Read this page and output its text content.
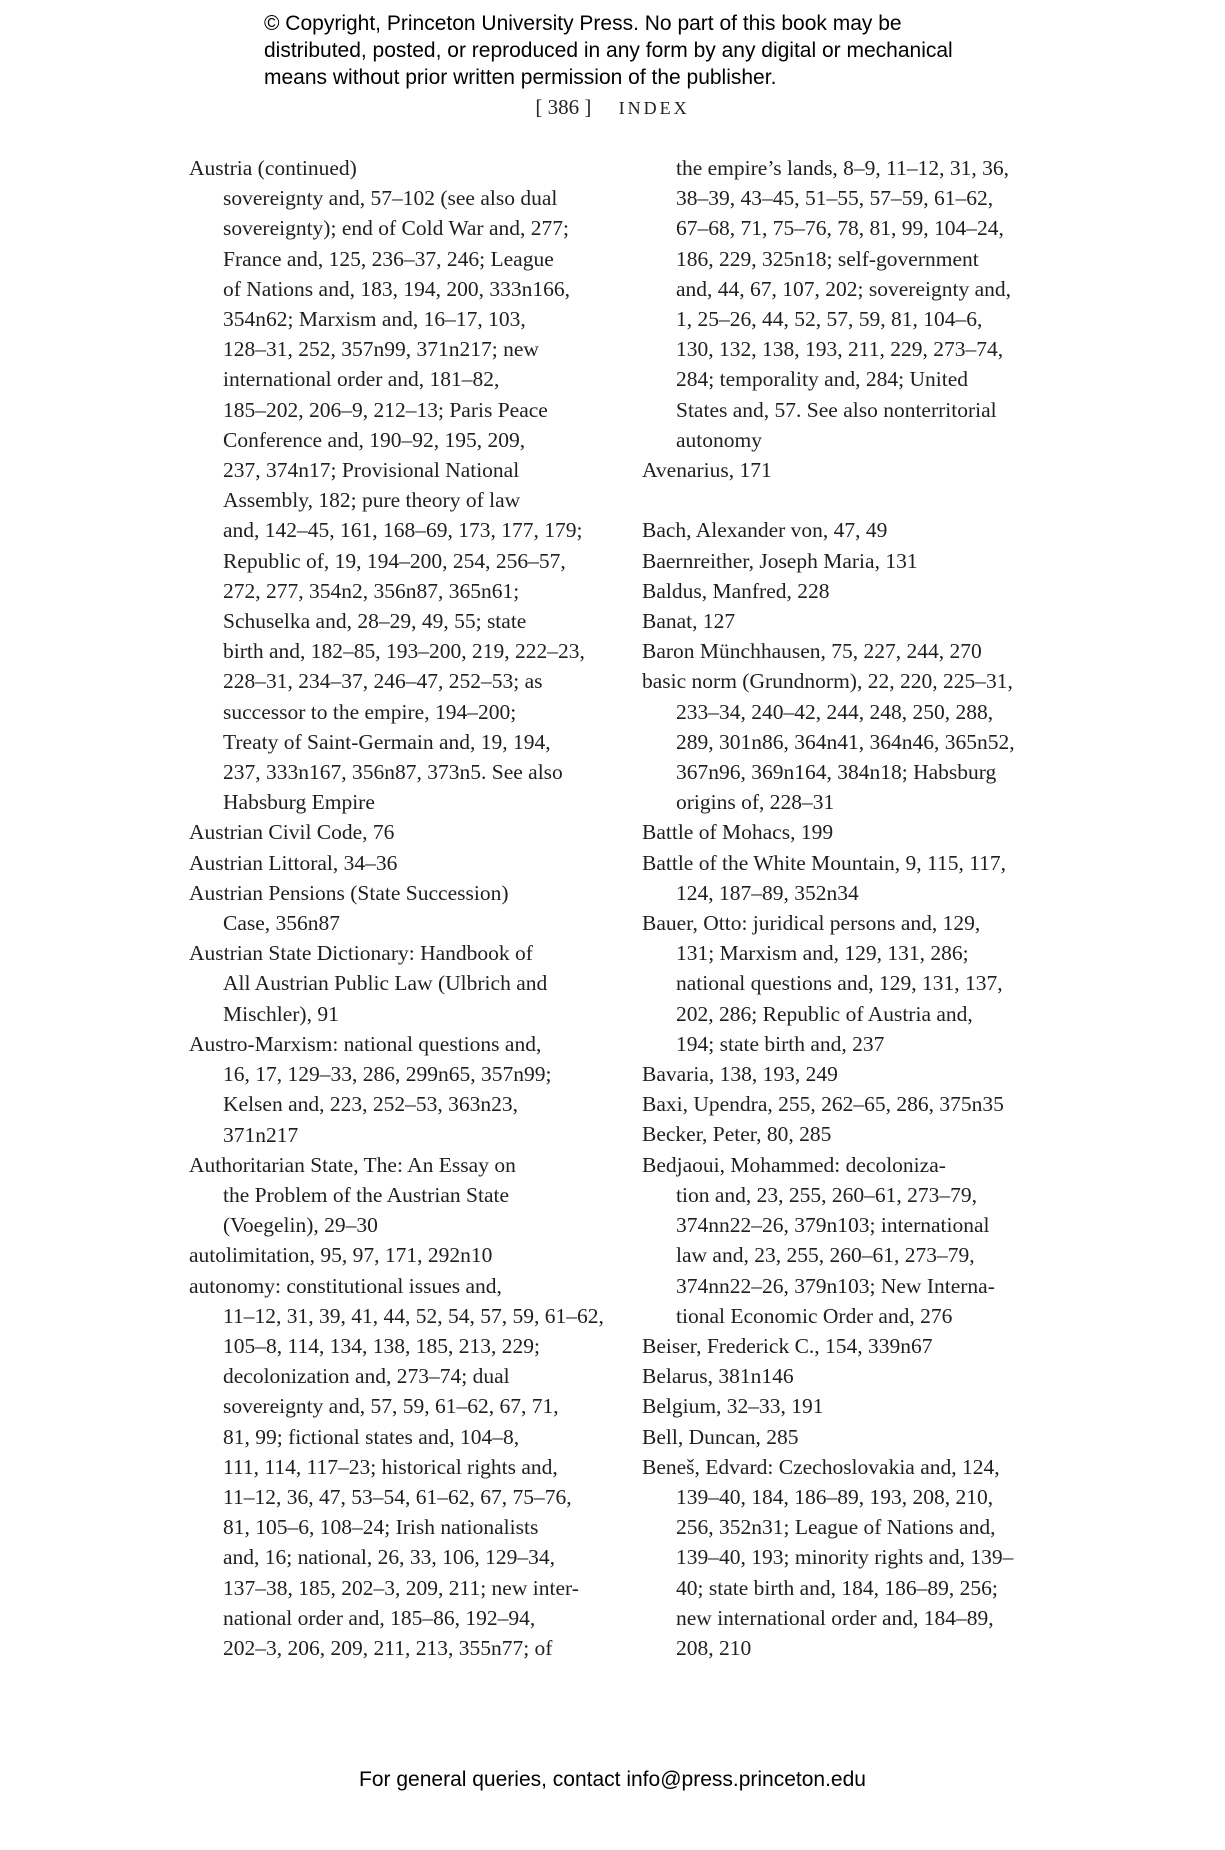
© Copyright, Princeton University Press. No part of this book may be
distributed, posted, or reproduced in any form by any digital or mechanical
means without prior written permission of the publisher.
[ 386 ] INDEX
Austria (continued)
sovereignty and, 57–102 (see also dual
sovereignty); end of Cold War and, 277;
France and, 125, 236–37, 246; League
of Nations and, 183, 194, 200, 333n166,
354n62; Marxism and, 16–17, 103,
128–31, 252, 357n99, 371n217; new
international order and, 181–82,
185–202, 206–9, 212–13; Paris Peace
Conference and, 190–92, 195, 209,
237, 374n17; Provisional National
Assembly, 182; pure theory of law
and, 142–45, 161, 168–69, 173, 177, 179;
Republic of, 19, 194–200, 254, 256–57,
272, 277, 354n2, 356n87, 365n61;
Schuselka and, 28–29, 49, 55; state
birth and, 182–85, 193–200, 219, 222–23,
228–31, 234–37, 246–47, 252–53; as
successor to the empire, 194–200;
Treaty of Saint-Germain and, 19, 194,
237, 333n167, 356n87, 373n5. See also
Habsburg Empire
Austrian Civil Code, 76
Austrian Littoral, 34–36
Austrian Pensions (State Succession)
Case, 356n87
Austrian State Dictionary: Handbook of
All Austrian Public Law (Ulbrich and
Mischler), 91
Austro-Marxism: national questions and,
16, 17, 129–33, 286, 299n65, 357n99;
Kelsen and, 223, 252–53, 363n23,
371n217
Authoritarian State, The: An Essay on
the Problem of the Austrian State
(Voegelin), 29–30
autolimitation, 95, 97, 171, 292n10
autonomy: constitutional issues and,
11–12, 31, 39, 41, 44, 52, 54, 57, 59, 61–62,
105–8, 114, 134, 138, 185, 213, 229;
decolonization and, 273–74; dual
sovereignty and, 57, 59, 61–62, 67, 71,
81, 99; fictional states and, 104–8,
111, 114, 117–23; historical rights and,
11–12, 36, 47, 53–54, 61–62, 67, 75–76,
81, 105–6, 108–24; Irish nationalists
and, 16; national, 26, 33, 106, 129–34,
137–38, 185, 202–3, 209, 211; new inter-
national order and, 185–86, 192–94,
202–3, 206, 209, 211, 213, 355n77; of
the empire’s lands, 8–9, 11–12, 31, 36,
38–39, 43–45, 51–55, 57–59, 61–62,
67–68, 71, 75–76, 78, 81, 99, 104–24,
186, 229, 325n18; self-government
and, 44, 67, 107, 202; sovereignty and,
1, 25–26, 44, 52, 57, 59, 81, 104–6,
130, 132, 138, 193, 211, 229, 273–74,
284; temporality and, 284; United
States and, 57. See also nonterritorial
autonomy
Avenarius, 171
Bach, Alexander von, 47, 49
Baernreither, Joseph Maria, 131
Baldus, Manfred, 228
Banat, 127
Baron Münchhausen, 75, 227, 244, 270
basic norm (Grundnorm), 22, 220, 225–31,
233–34, 240–42, 244, 248, 250, 288,
289, 301n86, 364n41, 364n46, 365n52,
367n96, 369n164, 384n18; Habsburg
origins of, 228–31
Battle of Mohacs, 199
Battle of the White Mountain, 9, 115, 117,
124, 187–89, 352n34
Bauer, Otto: juridical persons and, 129,
131; Marxism and, 129, 131, 286;
national questions and, 129, 131, 137,
202, 286; Republic of Austria and,
194; state birth and, 237
Bavaria, 138, 193, 249
Baxi, Upendra, 255, 262–65, 286, 375n35
Becker, Peter, 80, 285
Bedjaoui, Mohammed: decoloniza-
tion and, 23, 255, 260–61, 273–79,
374nn22–26, 379n103; international
law and, 23, 255, 260–61, 273–79,
374nn22–26, 379n103; New Interna-
tional Economic Order and, 276
Beiser, Frederick C., 154, 339n67
Belarus, 381n146
Belgium, 32–33, 191
Bell, Duncan, 285
Beneš, Edvard: Czechoslovakia and, 124,
139–40, 184, 186–89, 193, 208, 210,
256, 352n31; League of Nations and,
139–40, 193; minority rights and, 139–
40; state birth and, 184, 186–89, 256;
new international order and, 184–89,
208, 210
For general queries, contact info@press.princeton.edu
